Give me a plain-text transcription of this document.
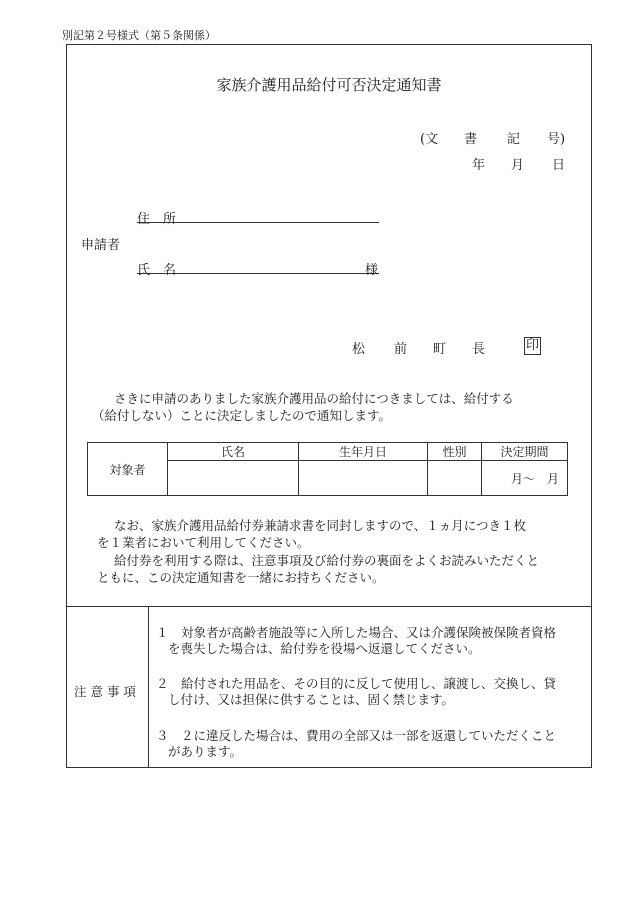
別記第２号様式（第５条関係）
家族介護用品給付可否決定通知書
(文 書 記 号)
年 月 日
申請者
住　所
氏　名	様
松 前 町 長	印
さきに申請のありました家族介護用品の給付につきましては、給付する
（給付しない）ことに決定しましたので通知します。
対象者	氏名	生年月日	性別	決定期間
				月～　月
なお、家族介護用品給付券兼請求書を同封しますので、１ヵ月につき１枚
を１業者において利用してください。
給付券を利用する際は、注意事項及び給付券の裏面をよくお読みいただくと
ともに、この決定通知書を一緒にお持ちください。
注 意 事 項
１　対象者が高齢者施設等に入所した場合、又は介護保険被保険者資格
を喪失した場合は、給付券を役場へ返還してください。
２　給付された用品を、その目的に反して使用し、譲渡し、交換し、貸
し付け、又は担保に供することは、固く禁じます。
３　２に違反した場合は、費用の全部又は一部を返還していただくこと
があります。
